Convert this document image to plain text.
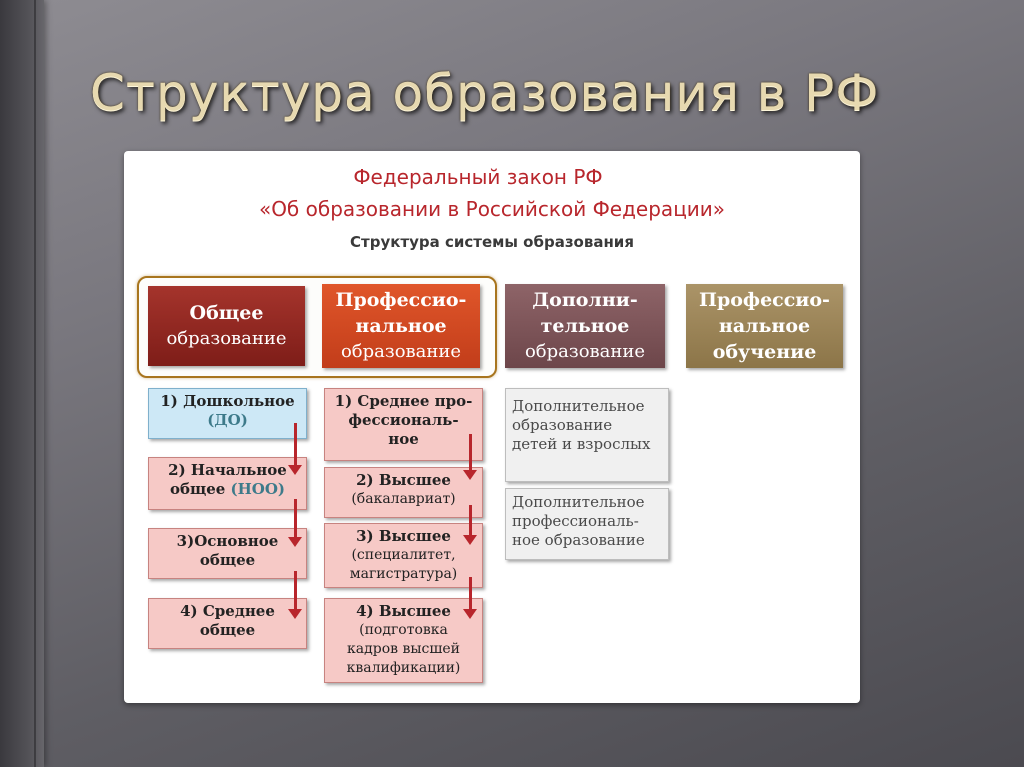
Структура образования в РФ
Федеральный закон РФ
«Об образовании в Российской Федерации»
Структура системы образования
Общее
образование
Профессио-
нальное
образование
Дополни-
тельное
образование
Профессио-
нальное
обучение
1) Дошкольное
(ДО)
2) Начальное
общее (НОО)
3)Основное
общее
4) Среднее
общее
1) Среднее про-
фессиональ-
ное
2) Высшее
(бакалавриат)
3) Высшее
(специалитет,
магистратура)
4) Высшее
(подготовка
кадров высшей
квалификации)
Дополнительное
образование
детей и взрослых
Дополнительное
профессиональ-
ное образование
